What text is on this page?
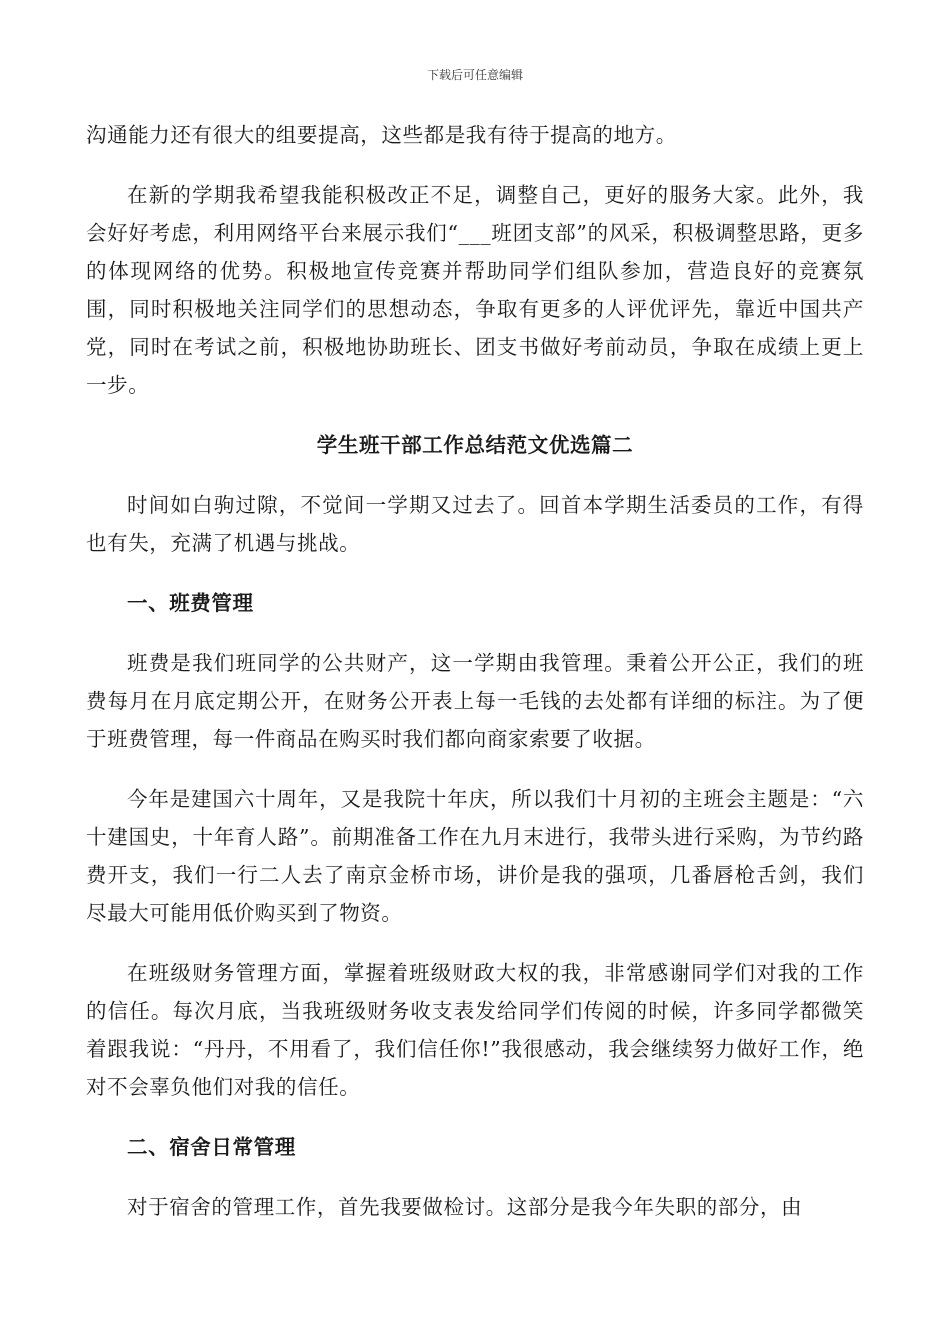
下载后可任意编辑

沟通能力还有很大的组要提高，这些都是我有待于提高的地方。

在新的学期我希望我能积极改正不足，调整自己，更好的服务大家。此外，我会好好考虑，利用网络平台来展示我们“___班团支部”的风采，积极调整思路，更多的体现网络的优势。积极地宣传竞赛并帮助同学们组队参加，营造良好的竞赛氛围，同时积极地关注同学们的思想动态，争取有更多的人评优评先，靠近中国共产党，同时在考试之前，积极地协助班长、团支书做好考前动员，争取在成绩上更上一步。

学生班干部工作总结范文优选篇二

时间如白驹过隙，不觉间一学期又过去了。回首本学期生活委员的工作，有得也有失，充满了机遇与挑战。

一、班费管理

班费是我们班同学的公共财产，这一学期由我管理。秉着公开公正，我们的班费每月在月底定期公开，在财务公开表上每一毛钱的去处都有详细的标注。为了便于班费管理，每一件商品在购买时我们都向商家索要了收据。

今年是建国六十周年，又是我院十年庆，所以我们十月初的主班会主题是：“六十建国史，十年育人路”。前期准备工作在九月末进行，我带头进行采购，为节约路费开支，我们一行二人去了南京金桥市场，讲价是我的强项，几番唇枪舌剑，我们尽最大可能用低价购买到了物资。

在班级财务管理方面，掌握着班级财政大权的我，非常感谢同学们对我的工作的信任。每次月底，当我班级财务收支表发给同学们传阅的时候，许多同学都微笑着跟我说：“丹丹，不用看了，我们信任你!”我很感动，我会继续努力做好工作，绝对不会辜负他们对我的信任。

二、宿舍日常管理

对于宿舍的管理工作，首先我要做检讨。这部分是我今年失职的部分，由
